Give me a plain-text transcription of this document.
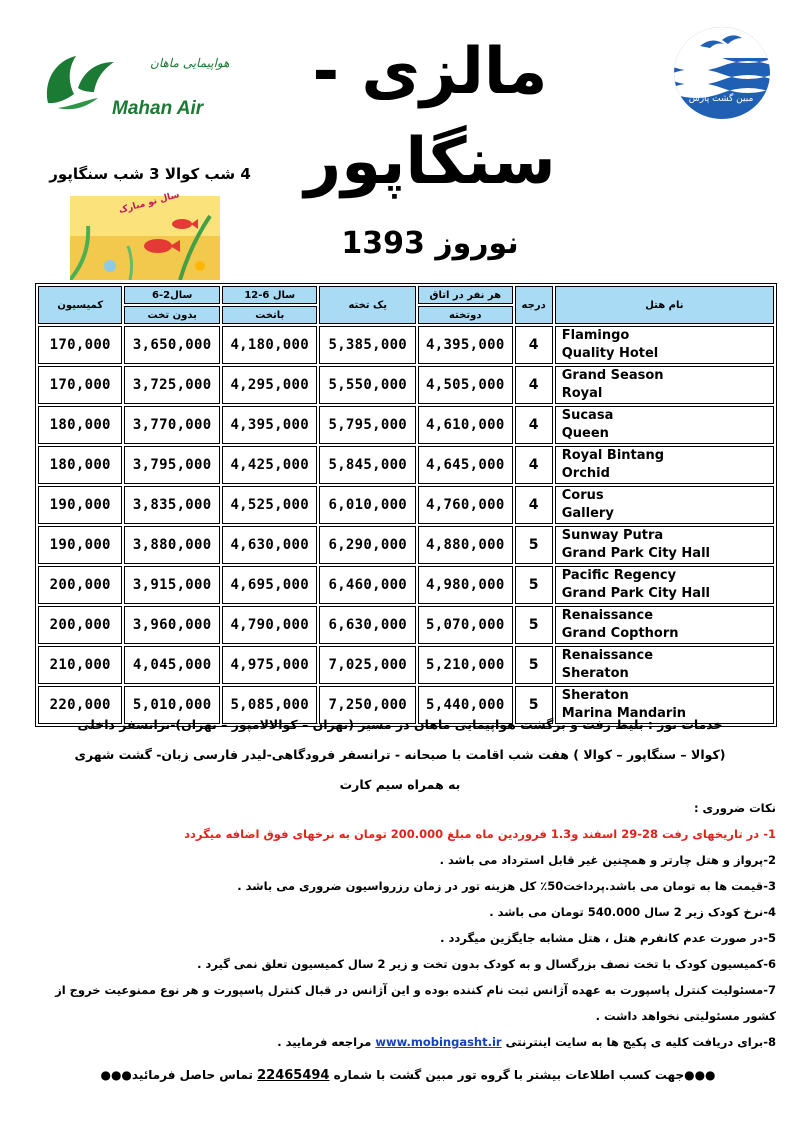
هواپیمایی ماهان
Mahan Air	مالزی - سنگاپور
مبین گشت پارس
4 شب کوالا 3 شب سنگاپور
سال نو مبارک
نوروز 1393
کمیسیون	سال2-6	سال 6-12	یک تخته	هر نفر در اتاق	درجه	نام هتل
	بدون تخت	باتخت		دوتخته		
170,000	3,650,000	4,180,000	5,385,000	4,395,000	4	Flamingo
Quality Hotel

170,000	3,725,000	4,295,000	5,550,000	4,505,000	4	Grand Season
Royal

180,000	3,770,000	4,395,000	5,795,000	4,610,000	4	Sucasa
Queen

180,000	3,795,000	4,425,000	5,845,000	4,645,000	4	Royal Bintang
Orchid

190,000	3,835,000	4,525,000	6,010,000	4,760,000	4	Corus
Gallery

190,000	3,880,000	4,630,000	6,290,000	4,880,000	5	Sunway Putra
Grand Park City Hall

200,000	3,915,000	4,695,000	6,460,000	4,980,000	5	Pacific Regency
Grand Park City Hall

200,000	3,960,000	4,790,000	6,630,000	5,070,000	5	Renaissance
Grand Copthorn

210,000	4,045,000	4,975,000	7,025,000	5,210,000	5	Renaissance
Sheraton

220,000	5,010,000	5,085,000	7,250,000	5,440,000	5	Sheraton
Marina Mandarin
خدمات تور : بلیط رفت و برگشت هواپیمایی ماهان در مسیر (تهران – کوالالامپور – تهران)-ترانسفر داخلی
(کوالا – سنگاپور – کوالا ) هفت شب اقامت با صبحانه - ترانسفر فرودگاهی-لیدر فارسی زبان- گشت شهری
به همراه سیم کارت
نکات ضروری :
1- در تاریخهای رفت 28-29 اسفند و1.3 فروردین ماه مبلغ 200.000 تومان به نرخهای فوق اضافه میگردد
2-پرواز و هتل چارتر و همچنین غیر قابل استرداد می باشد .
3-قیمت ها به تومان می باشد.پرداخت50٪ کل هزینه تور در زمان رزرواسیون ضروری می باشد .
4-نرخ کودک زیر 2 سال 540.000 تومان می باشد .
5-در صورت عدم کانفرم هتل ، هتل مشابه جایگزین میگردد .
6-کمیسیون کودک با تخت نصف بزرگسال و به کودک بدون تخت و زیر 2 سال کمیسیون تعلق نمی گیرد .
7-مسئولیت کنترل پاسپورت به عهده آژانس ثبت نام کننده بوده و این آژانس در قبال کنترل پاسپورت و هر نوع ممنوعیت خروج از کشور مسئولیتی نخواهد داشت .
8-برای دریافت کلیه ی پکیج ها به سایت اینترنتی www.mobingasht.ir مراجعه فرمایید .
●●●جهت کسب اطلاعات بیشتر با گروه تور مبین گشت با شماره 22465494 تماس حاصل فرمائید●●●
